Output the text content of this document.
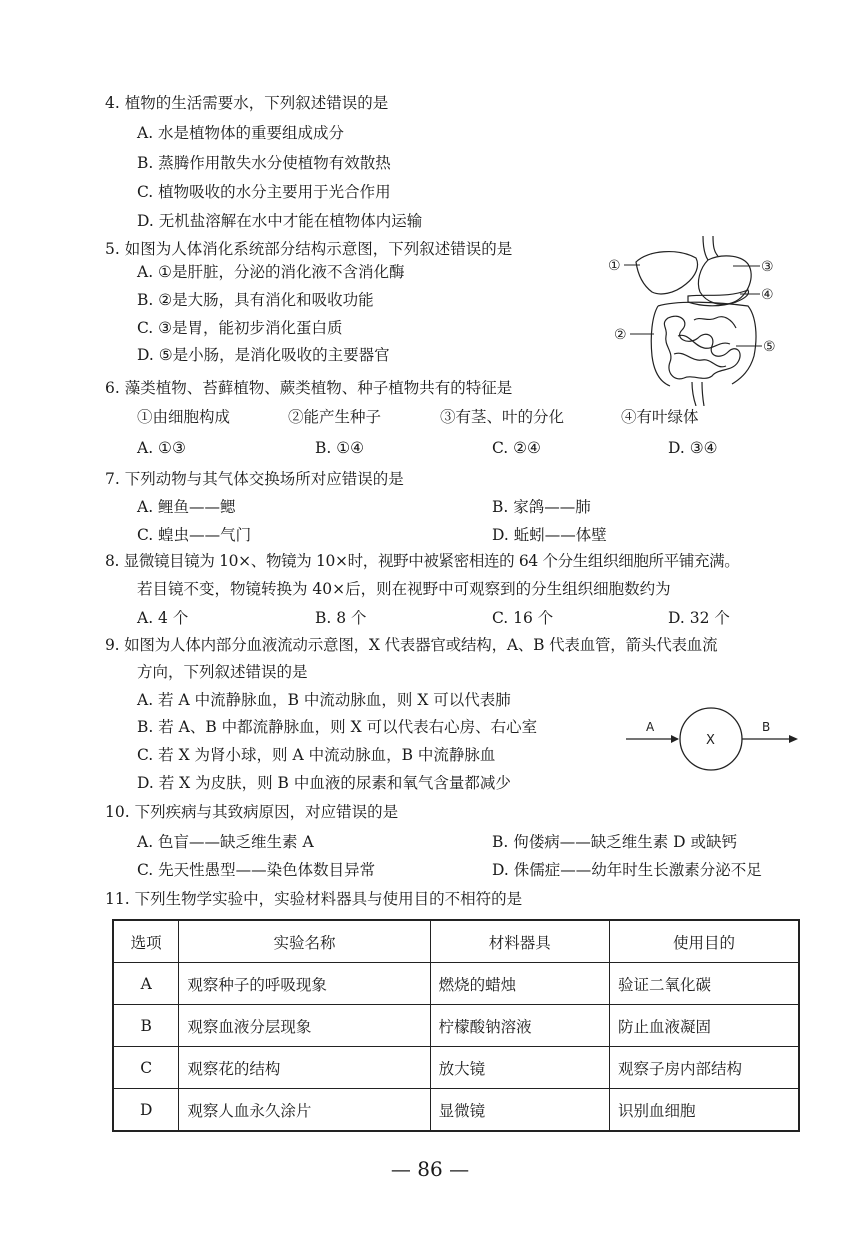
4. 植物的生活需要水，下列叙述错误的是
A. 水是植物体的重要组成成分
B. 蒸腾作用散失水分使植物有效散热
C. 植物吸收的水分主要用于光合作用
D. 无机盐溶解在水中才能在植物体内运输
5. 如图为人体消化系统部分结构示意图，下列叙述错误的是
A. ①是肝脏，分泌的消化液不含消化酶
B. ②是大肠，具有消化和吸收功能
C. ③是胃，能初步消化蛋白质
D. ⑤是小肠，是消化吸收的主要器官
①	③
④
②
⑤
6. 藻类植物、苔藓植物、蕨类植物、种子植物共有的特征是
①由细胞构成	②能产生种子	③有茎、叶的分化	④有叶绿体
A. ①③	B. ①④	C. ②④	D. ③④
7. 下列动物与其气体交换场所对应错误的是
A. 鲤鱼——鳃	B. 家鸽——肺
C. 蝗虫——气门	D. 蚯蚓——体壁
8. 显微镜目镜为 10×、物镜为 10×时，视野中被紧密相连的 64 个分生组织细胞所平铺充满。
若目镜不变，物镜转换为 40×后，则在视野中可观察到的分生组织细胞数约为
A. 4 个	B. 8 个	C. 16 个	D. 32 个
9. 如图为人体内部分血液流动示意图，X 代表器官或结构，A、B 代表血管，箭头代表血流
方向，下列叙述错误的是
A. 若 A 中流静脉血，B 中流动脉血，则 X 可以代表肺
B. 若 A、B 中都流静脉血，则 X 可以代表右心房、右心室
C. 若 X 为肾小球，则 A 中流动脉血，B 中流静脉血
D. 若 X 为皮肤，则 B 中血液的尿素和氧气含量都减少
A
X
B
10. 下列疾病与其致病原因，对应错误的是
A. 色盲——缺乏维生素 A	B. 佝偻病——缺乏维生素 D 或缺钙
C. 先天性愚型——染色体数目异常	D. 侏儒症——幼年时生长激素分泌不足
11. 下列生物学实验中，实验材料器具与使用目的不相符的是
选项	实验名称	材料器具	使用目的
A	观察种子的呼吸现象	燃烧的蜡烛	验证二氧化碳
B	观察血液分层现象	柠檬酸钠溶液	防止血液凝固
C	观察花的结构	放大镜	观察子房内部结构
D	观察人血永久涂片	显微镜	识别血细胞
— 86 —
